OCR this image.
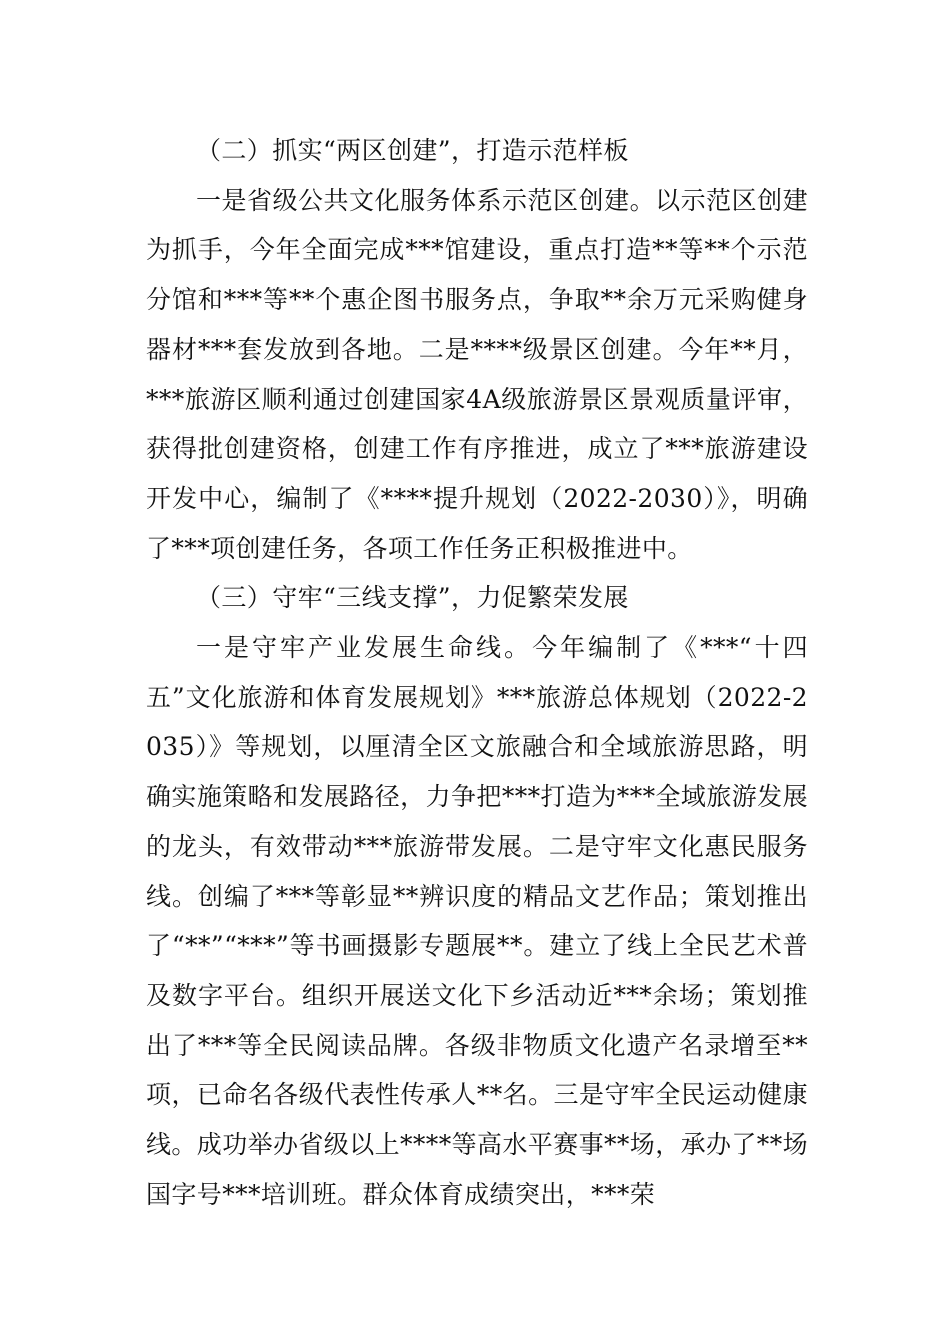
（二）抓实“两区创建”，打造示范样板

一是省级公共文化服务体系示范区创建。以示范区创建为抓手，今年全面完成***馆建设，重点打造**等**个示范分馆和***等**个惠企图书服务点，争取**余万元采购健身器材***套发放到各地。二是****级景区创建。今年**月，***旅游区顺利通过创建国家4A级旅游景区景观质量评审，获得批创建资格，创建工作有序推进，成立了***旅游建设开发中心，编制了《****提升规划（2022-2030）》，明确了***项创建任务，各项工作任务正积极推进中。

（三）守牢“三线支撑”，力促繁荣发展

一是守牢产业发展生命线。今年编制了《***“十四五”文化旅游和体育发展规划》***旅游总体规划（2022-2035）》等规划，以厘清全区文旅融合和全域旅游思路，明确实施策略和发展路径，力争把***打造为***全域旅游发展的龙头，有效带动***旅游带发展。二是守牢文化惠民服务线。创编了***等彰显**辨识度的精品文艺作品；策划推出了“**”“***”等书画摄影专题展**。建立了线上全民艺术普及数字平台。组织开展送文化下乡活动近***余场；策划推出了***等全民阅读品牌。各级非物质文化遗产名录增至**项，已命名各级代表性传承人**名。三是守牢全民运动健康线。成功举办省级以上****等高水平赛事**场，承办了**场国字号***培训班。群众体育成绩突出，***荣
